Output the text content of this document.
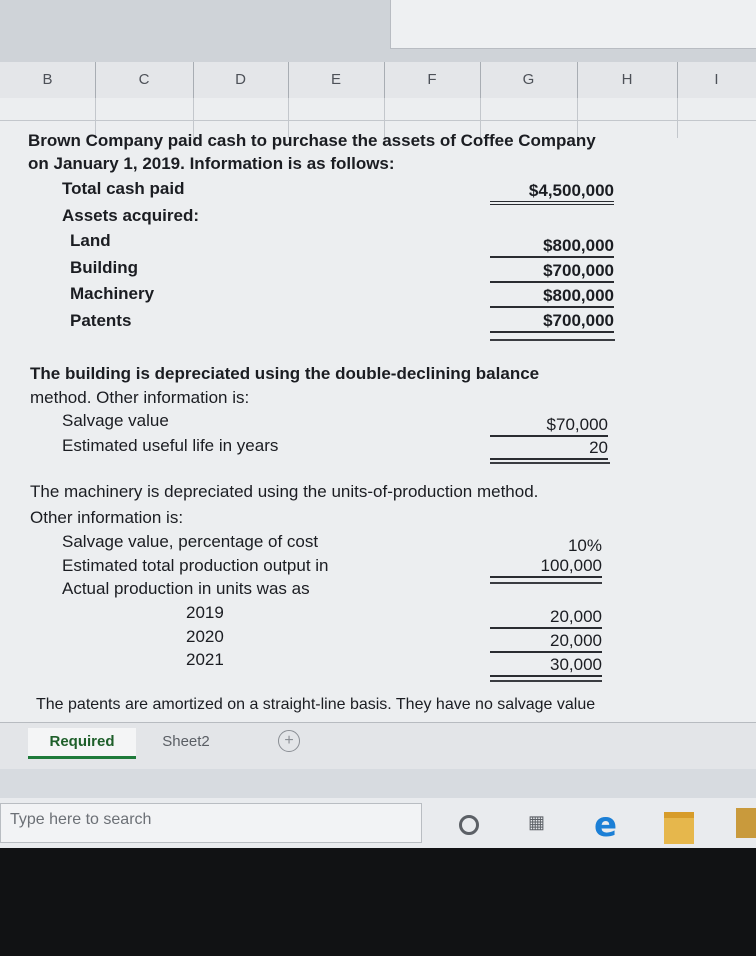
B	C	D	E	F	G	H	I
Brown Company paid cash to purchase the assets of Coffee Company
on January 1, 2019. Information is as follows:
Total cash paid	$4,500,000
Assets acquired:
Land	$800,000
Building	$700,000
Machinery	$800,000
Patents	$700,000
The building is depreciated using the double-declining balance
method. Other information is:
Salvage value	$70,000
Estimated useful life in years	20
The machinery is depreciated using the units-of-production method.
Other information is:
Salvage value, percentage of cost	10%
Estimated total production output in	100,000
Actual production in units was as
2019	20,000
2020	20,000
2021	30,000
The patents are amortized on a straight-line basis. They have no salvage value
Required	Sheet2	+
Type here to search	▦ e
